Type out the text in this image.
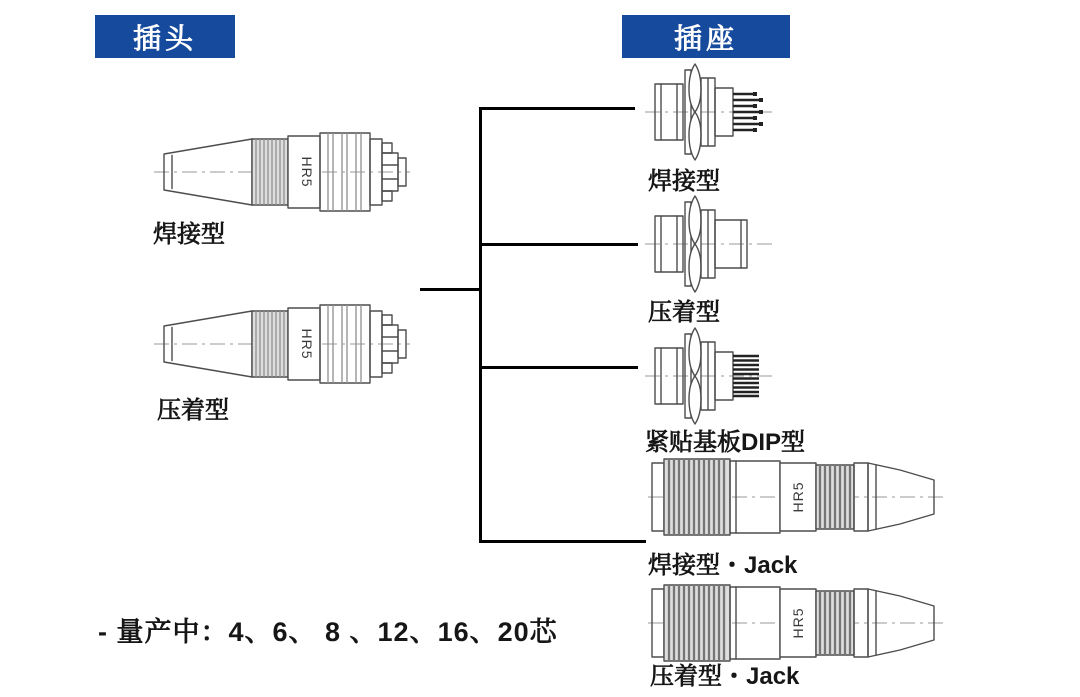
插头	插座
HR5
焊接型
HR5
压着型
焊接型
压着型
紧贴基板DIP型
HR5
焊接型・Jack
HR5
压着型・Jack
- 量产中：4、6、 8 、12、16、20芯
